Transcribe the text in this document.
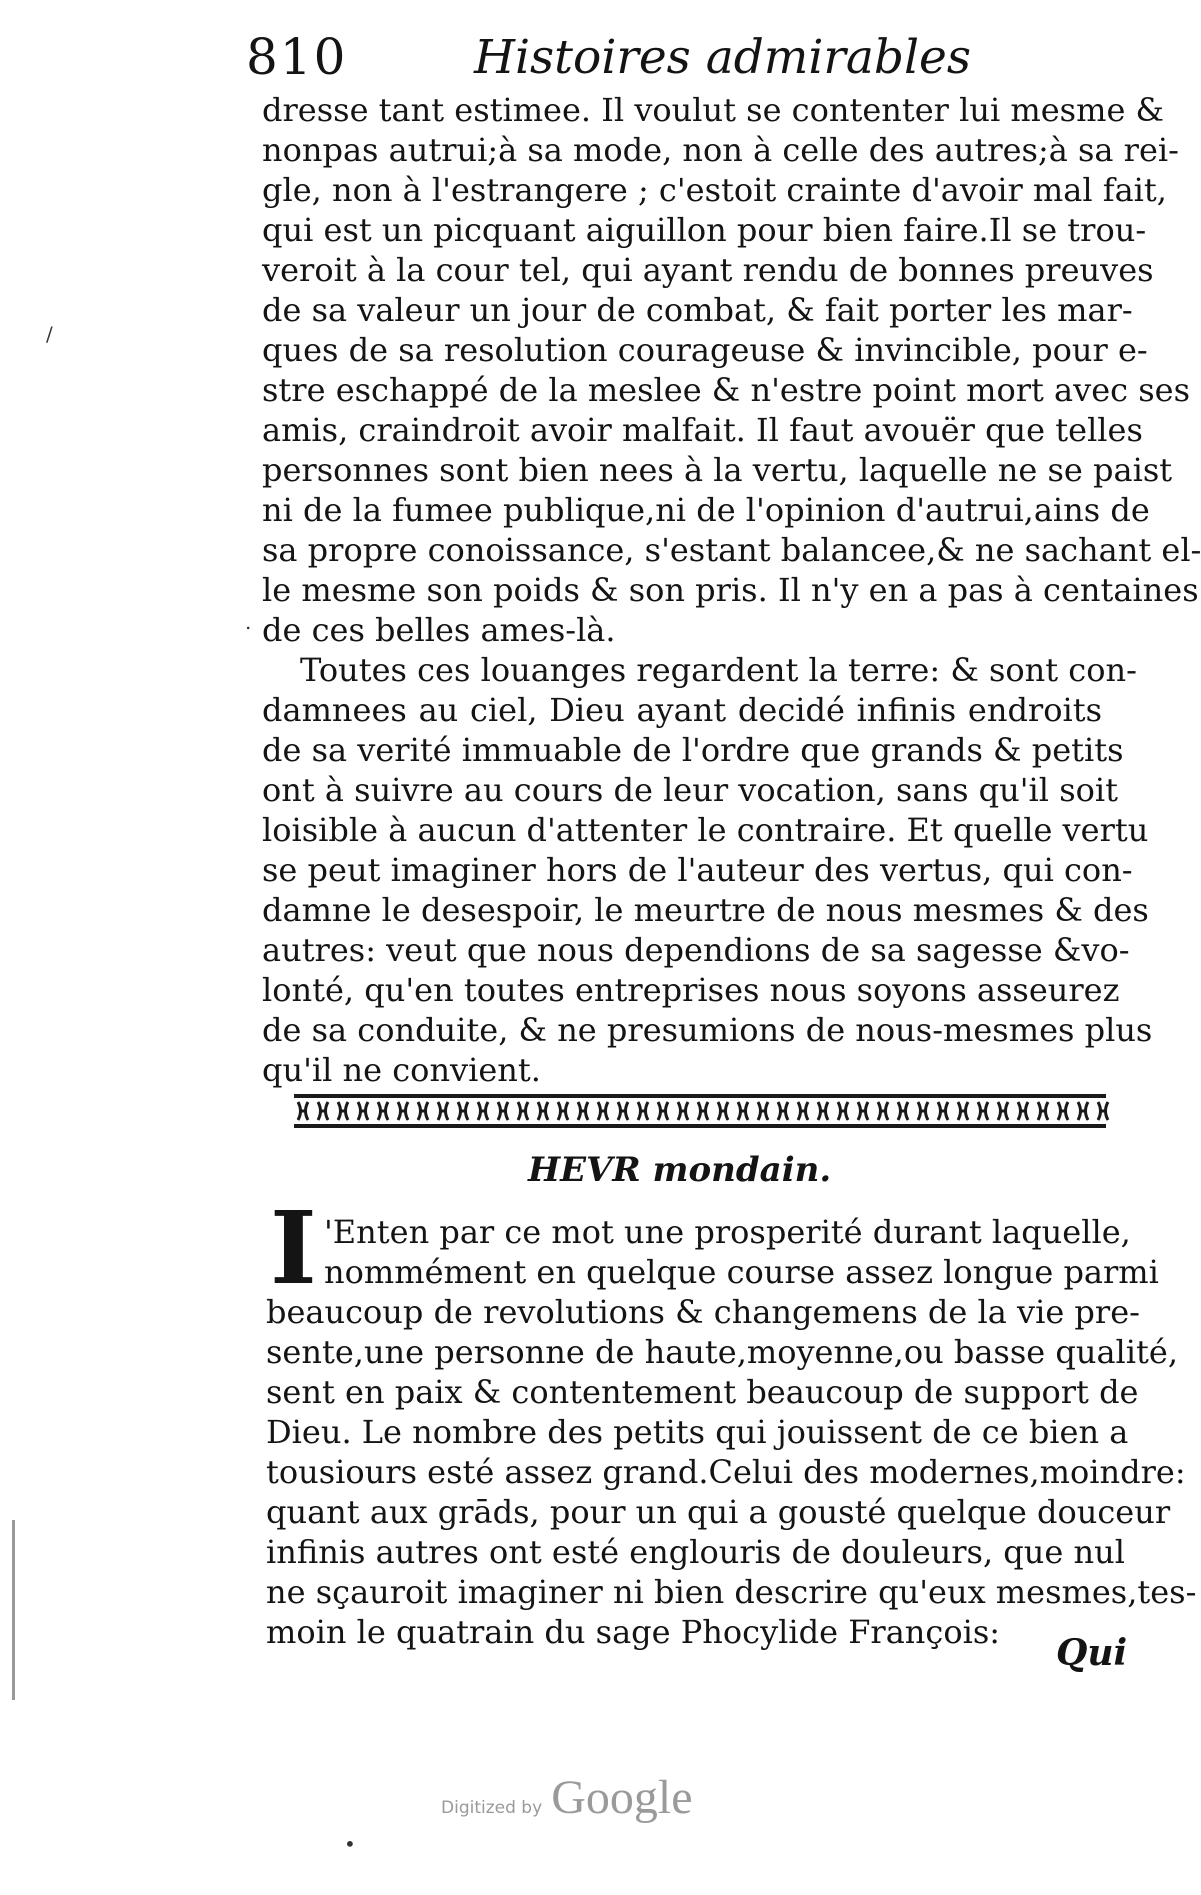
810	Histoires admirables
dresse tant estimee. Il voulut se contenter lui mesme &
nonpas autrui;à sa mode, non à celle des autres;à sa rei-
gle, non à l'estrangere ; c'estoit crainte d'avoir mal fait,
qui est un picquant aiguillon pour bien faire.Il se trou-
veroit à la cour tel, qui ayant rendu de bonnes preuves
de sa valeur un jour de combat, & fait porter les mar-
ques de sa resolution courageuse & invincible, pour e-
stre eschappé de la meslee & n'estre point mort avec ses
amis, craindroit avoir malfait. Il faut avouër que telles
personnes sont bien nees à la vertu, laquelle ne se paist
ni de la fumee publique,ni de l'opinion d'autrui,ains de
sa propre conoissance, s'estant balancee,& ne sachant el-
le mesme son poids & son pris. Il n'y en a pas à centaines
de ces belles ames-là.
Toutes ces louanges regardent la terre: & sont con-
damnees au ciel, Dieu ayant decidé infinis endroits
de sa verité immuable de l'ordre que grands & petits
ont à suivre au cours de leur vocation, sans qu'il soit
loisible à aucun d'attenter le contraire. Et quelle vertu
se peut imaginer hors de l'auteur des vertus, qui con-
damne le desespoir, le meurtre de nous mesmes & des
autres: veut que nous dependions de sa sagesse &vo-
lonté, qu'en toutes entreprises nous soyons asseurez
de sa conduite, & ne presumions de nous-mesmes plus
qu'il ne convient.
HEVR mondain.
I 'Enten par ce mot une prosperité durant laquelle,
nommément en quelque course assez longue parmi
beaucoup de revolutions & changemens de la vie pre-
sente,une personne de haute,moyenne,ou basse qualité,
sent en paix & contentement beaucoup de support de
Dieu. Le nombre des petits qui jouissent de ce bien a
tousiours esté assez grand.Celui des modernes,moindre:
quant aux grāds, pour un qui a gousté quelque douceur
infinis autres ont esté englouris de douleurs, que nul
ne sçauroit imaginer ni bien descrire qu'eux mesmes,tes-
moin le quatrain du sage Phocylide François: Qui
Digitized by Google
/
.
•
